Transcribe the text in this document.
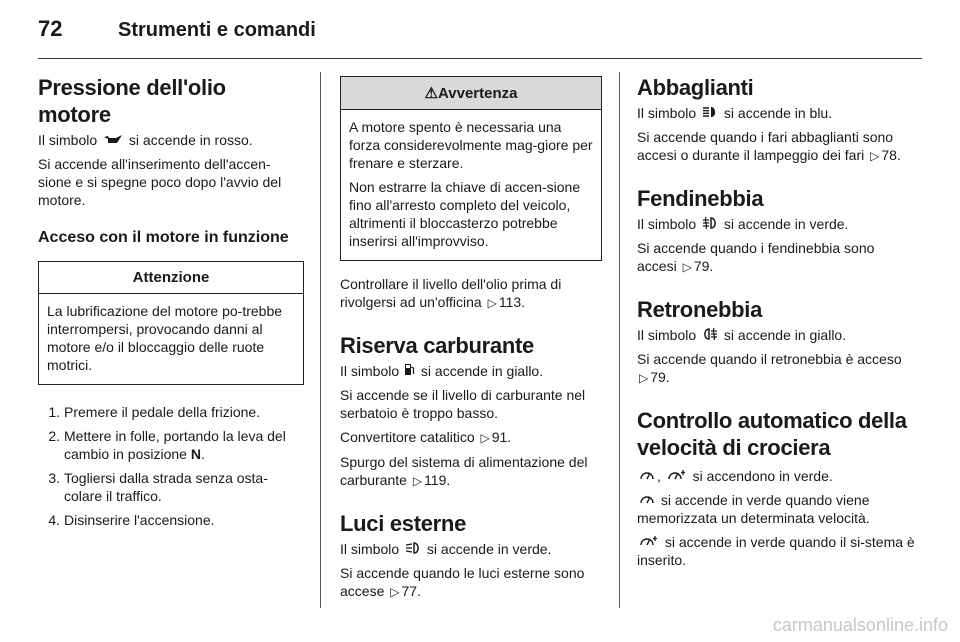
72	Strumenti e comandi
Pressione dell'olio motore

Il simbolo si accende in rosso.

Si accende all'inserimento dell'accen-sione e si spegne poco dopo l'avvio del motore.

Acceso con il motore in funzione
Attenzione

La lubrificazione del motore po-trebbe interrompersi, provocando danni al motore e/o il bloccaggio delle ruote motrici.

1. Premere il pedale della frizione.
2. Mettere in folle, portando la leva del cambio in posizione N.
3. Togliersi dalla strada senza osta-colare il traffico.
4. Disinserire l'accensione.
⚠Avvertenza

A motore spento è necessaria una forza considerevolmente mag-giore per frenare e sterzare.

Non estrarre la chiave di accen-sione fino all'arresto completo del veicolo, altrimenti il bloccasterzo potrebbe inserirsi all'improvviso.

Controllare il livello dell'olio prima di rivolgersi ad un'officina ▷ 113.

Riserva carburante

Il simbolo si accende in giallo.

Si accende se il livello di carburante nel serbatoio è troppo basso.

Convertitore catalitico ▷ 91.

Spurgo del sistema di alimentazione del carburante ▷ 119.

Luci esterne

Il simbolo si accende in verde.

Si accende quando le luci esterne sono accese ▷ 77.

Abbaglianti

Il simbolo si accende in blu.

Si accende quando i fari abbaglianti sono accesi o durante il lampeggio dei fari ▷ 78.

Fendinebbia

Il simbolo si accende in verde.

Si accende quando i fendinebbia sono accesi ▷ 79.

Retronebbia

Il simbolo si accende in giallo.

Si accende quando il retronebbia è acceso ▷ 79.

Controllo automatico della velocità di crociera

,  si accendono in verde.

si accende in verde quando viene memorizzata un determinata velocità.

si accende in verde quando il si-stema è inserito.

carmanualsonline.info
